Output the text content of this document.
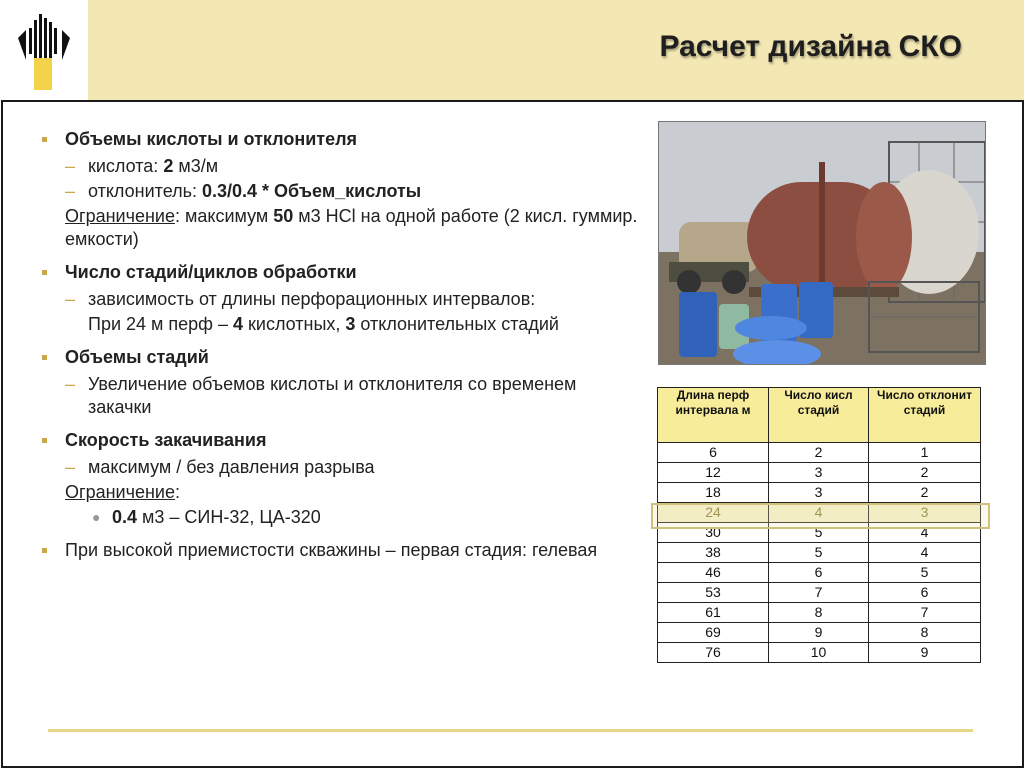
Расчет дизайна СКО
Объемы кислоты и отклонителя
– кислота: 2 м3/м
– отклонитель: 0.3/0.4 * Объем_кислоты
Ограничение: максимум 50 м3 HCl на одной работе (2 кисл. гуммир. емкости)
Число стадий/циклов обработки
– зависимость от длины перфорационных интервалов:
При 24 м перф – 4 кислотных, 3 отклонительных стадий
Объемы стадий
– Увеличение объемов кислоты и отклонителя со временем закачки
Скорость закачивания
– максимум / без давления разрыва
Ограничение:
● 0.4 м3 – СИН-32, ЦА-320
При высокой приемистости скважины – первая стадия: гелевая
Длина перф интервала м	Число кисл стадий	Число отклонит стадий
6	2	1
12	3	2
18	3	2
24	4	3
30	5	4
38	5	4
46	6	5
53	7	6
61	8	7
69	9	8
76	10	9
